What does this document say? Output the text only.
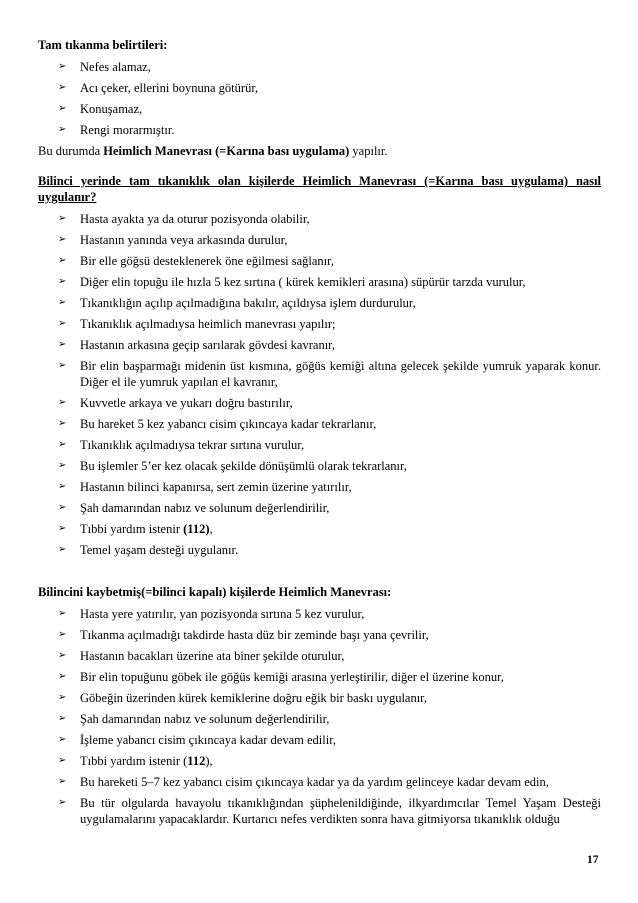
Tam tıkanma belirtileri:

➢ Nefes alamaz,
➢ Acı çeker, ellerini boynuna götürür,
➢ Konuşamaz,
➢ Rengi morarmıştır.

Bu durumda Heimlich Manevrası (=Karına bası uygulama) yapılır.

Bilinci yerinde tam tıkanıklık olan kişilerde Heimlich Manevrası (=Karına bası uygulama) nasıl uygulanır?

➢ Hasta ayakta ya da oturur pozisyonda olabilir,
➢ Hastanın yanında veya arkasında durulur,
➢ Bir elle göğsü desteklenerek öne eğilmesi sağlanır,
➢ Diğer elin topuğu ile hızla 5 kez sırtına ( kürek kemikleri arasına) süpürür tarzda vurulur,
➢ Tıkanıklığın açılıp açılmadığına bakılır, açıldıysa işlem durdurulur,
➢ Tıkanıklık açılmadıysa heimlich manevrası yapılır;
➢ Hastanın arkasına geçip sarılarak gövdesi kavranır,
➢ Bir elin başparmağı midenin üst kısmına, göğüs kemiği altına gelecek şekilde yumruk yaparak konur. Diğer el ile yumruk yapılan el kavranır,
➢ Kuvvetle arkaya ve yukarı doğru bastırılır,
➢ Bu hareket 5 kez yabancı cisim çıkıncaya kadar tekrarlanır,
➢ Tıkanıklık açılmadıysa tekrar sırtına vurulur,
➢ Bu işlemler 5’er kez olacak şekilde dönüşümlü olarak tekrarlanır,
➢ Hastanın bilinci kapanırsa, sert zemin üzerine yatırılır,
➢ Şah damarından nabız ve solunum değerlendirilir,
➢ Tıbbi yardım istenir (112),
➢ Temel yaşam desteği uygulanır.

Bilincini kaybetmiş(=bilinci kapalı) kişilerde Heimlich Manevrası:

➢ Hasta yere yatırılır, yan pozisyonda sırtına 5 kez vurulur,
➢ Tıkanma açılmadığı takdirde hasta düz bir zeminde başı yana çevrilir,
➢ Hastanın bacakları üzerine ata biner şekilde oturulur,
➢ Bir elin topuğunu göbek ile göğüs kemiği arasına yerleştirilir, diğer el üzerine konur,
➢ Göbeğin üzerinden kürek kemiklerine doğru eğik bir baskı uygulanır,
➢ Şah damarından nabız ve solunum değerlendirilir,
➢ İşleme yabancı cisim çıkıncaya kadar devam edilir,
➢ Tıbbi yardım istenir (112),
➢ Bu hareketi 5–7 kez yabancı cisim çıkıncaya kadar ya da yardım gelinceye kadar devam edin,
➢ Bu tür olgularda havayolu tıkanıklığından şüphelenildiğinde, ilkyardımcılar Temel Yaşam Desteği uygulamalarını yapacaklardır. Kurtarıcı nefes verdikten sonra hava gitmiyorsa tıkanıklık olduğu
17
